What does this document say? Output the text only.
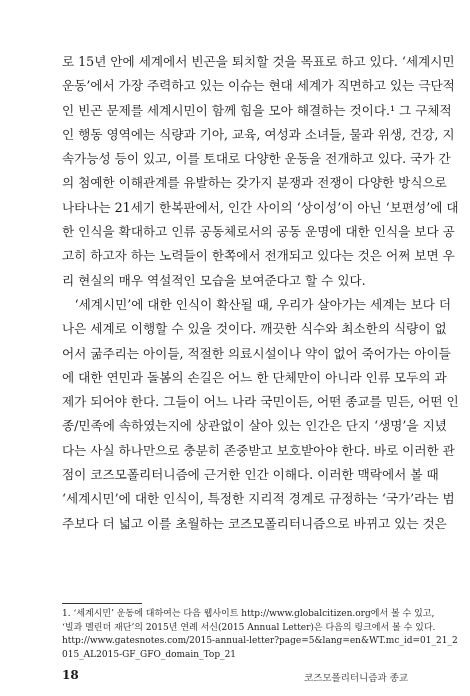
로 15년 안에 세계에서 빈곤을 퇴치할 것을 목표로 하고 있다. ‘세계시민
운동’에서 가장 주력하고 있는 이슈는 현대 세계가 직면하고 있는 극단적
인 빈곤 문제를 세계시민이 함께 힘을 모아 해결하는 것이다.¹ 그 구체적
인 행동 영역에는 식량과 기아, 교육, 여성과 소녀들, 물과 위생, 건강, 지
속가능성 등이 있고, 이를 토대로 다양한 운동을 전개하고 있다. 국가 간
의 첨예한 이해관계를 유발하는 갖가지 분쟁과 전쟁이 다양한 방식으로
나타나는 21세기 한복판에서, 인간 사이의 ‘상이성’이 아닌 ‘보편성’에 대
한 인식을 확대하고 인류 공동체로서의 공동 운명에 대한 인식을 보다 공
고히 하고자 하는 노력들이 한쪽에서 전개되고 있다는 것은 어쩌 보면 우
리 현실의 매우 역설적인 모습을 보여준다고 할 수 있다.
　‘세계시민’에 대한 인식이 확산될 때, 우리가 살아가는 세계는 보다 더
나은 세계로 이행할 수 있을 것이다. 깨끗한 식수와 최소한의 식량이 없
어서 굶주리는 아이들, 적절한 의료시설이나 약이 없어 죽어가는 아이들
에 대한 연민과 돌봄의 손길은 어느 한 단체만이 아니라 인류 모두의 과
제가 되어야 한다. 그들이 어느 나라 국민이든, 어떤 종교를 믿든, 어떤 인
종/민족에 속하였는지에 상관없이 살아 있는 인간은 단지 ‘생명’을 지녔
다는 사실 하나만으로 충분히 존중받고 보호받아야 한다. 바로 이러한 관
점이 코즈모폴리터니즘에 근거한 인간 이해다. 이러한 맥락에서 볼 때
‘세계시민’에 대한 인식이, 특정한 지리적 경계로 규정하는 ‘국가’라는 범
주보다 더 넓고 이를 초월하는 코즈모폴리터니즘으로 바뀌고 있는 것은
1. ‘세계시민’ 운동에 대하여는 다음 웹사이트 http://www.globalcitizen.org에서 볼 수 있고,
‘빌과 멜린더 재단’의 2015년 연례 서신(2015 Annual Letter)은 다음의 링크에서 볼 수 있다.
http://www.gatesnotes.com/2015-annual-letter?page=5&lang=en&WT.mc_id=01_21_2
015_AL2015-GF_GFO_domain_Top_21
18	코즈모폴리터니즘과 종교
